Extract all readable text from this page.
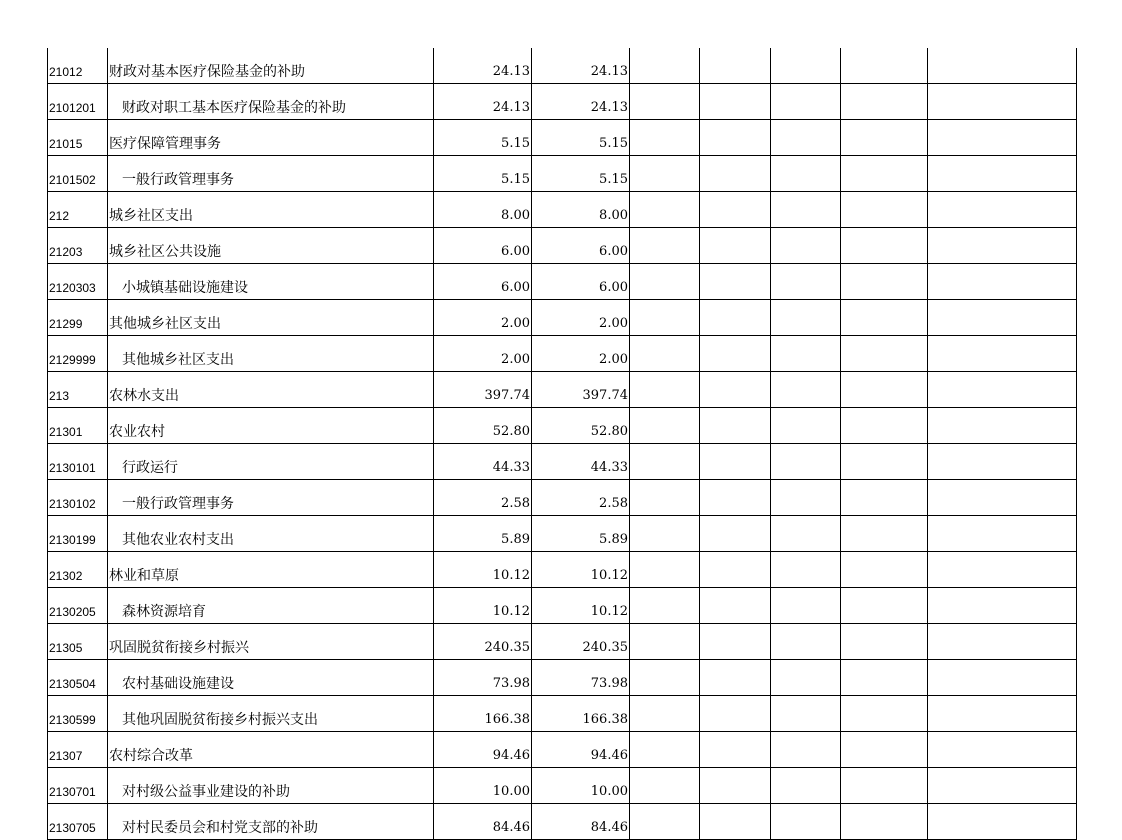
21012	财政对基本医疗保险基金的补助	24.13	24.13					
2101201	财政对职工基本医疗保险基金的补助	24.13	24.13					
21015	医疗保障管理事务	5.15	5.15					
2101502	一般行政管理事务	5.15	5.15					
212	城乡社区支出	8.00	8.00					
21203	城乡社区公共设施	6.00	6.00					
2120303	小城镇基础设施建设	6.00	6.00					
21299	其他城乡社区支出	2.00	2.00					
2129999	其他城乡社区支出	2.00	2.00					
213	农林水支出	397.74	397.74					
21301	农业农村	52.80	52.80					
2130101	行政运行	44.33	44.33					
2130102	一般行政管理事务	2.58	2.58					
2130199	其他农业农村支出	5.89	5.89					
21302	林业和草原	10.12	10.12					
2130205	森林资源培育	10.12	10.12					
21305	巩固脱贫衔接乡村振兴	240.35	240.35					
2130504	农村基础设施建设	73.98	73.98					
2130599	其他巩固脱贫衔接乡村振兴支出	166.38	166.38					
21307	农村综合改革	94.46	94.46					
2130701	对村级公益事业建设的补助	10.00	10.00					
2130705	对村民委员会和村党支部的补助	84.46	84.46					
